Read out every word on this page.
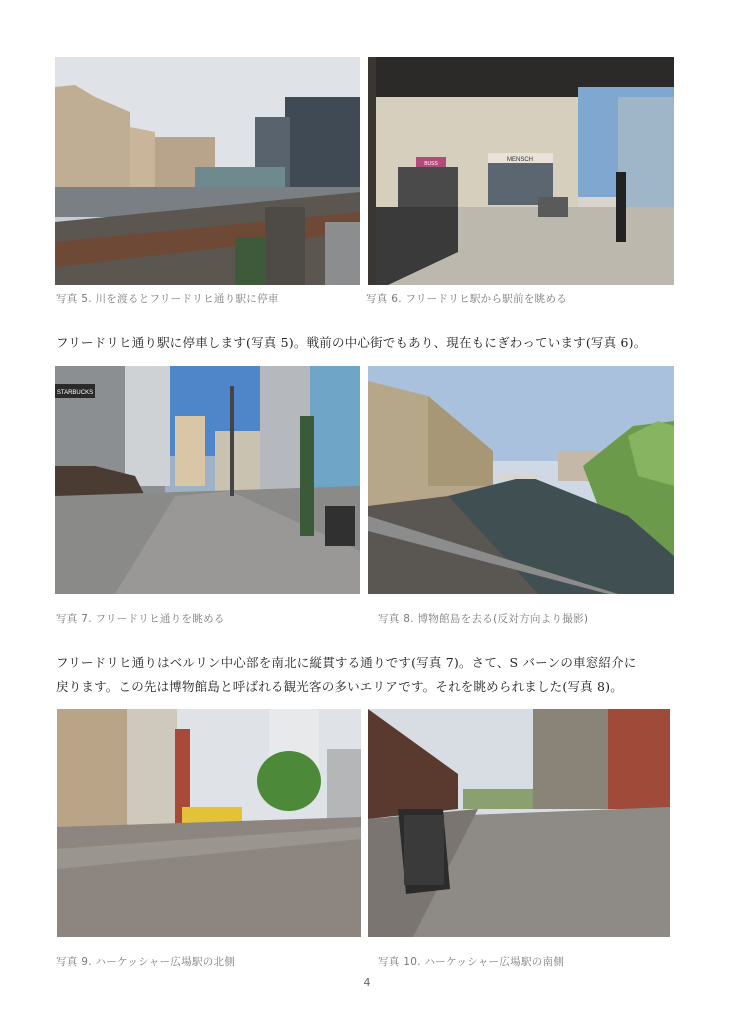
MENSCH
BUSS
写真 5. 川を渡るとフリードリヒ通り駅に停車	写真 6. フリードリヒ駅から駅前を眺める
フリードリヒ通り駅に停車します(写真 5)。戦前の中心街でもあり、現在もにぎわっています(写真 6)。
STARBUCKS
写真 7. フリードリヒ通りを眺める	写真 8. 博物館島を去る(反対方向より撮影)
フリードリヒ通りはベルリン中心部を南北に縦貫する通りです(写真 7)。さて、S バーンの車窓紹介に
戻ります。この先は博物館島と呼ばれる観光客の多いエリアです。それを眺められました(写真 8)。
写真 9. ハーケッシャー広場駅の北側	写真 10. ハーケッシャー広場駅の南側
4
